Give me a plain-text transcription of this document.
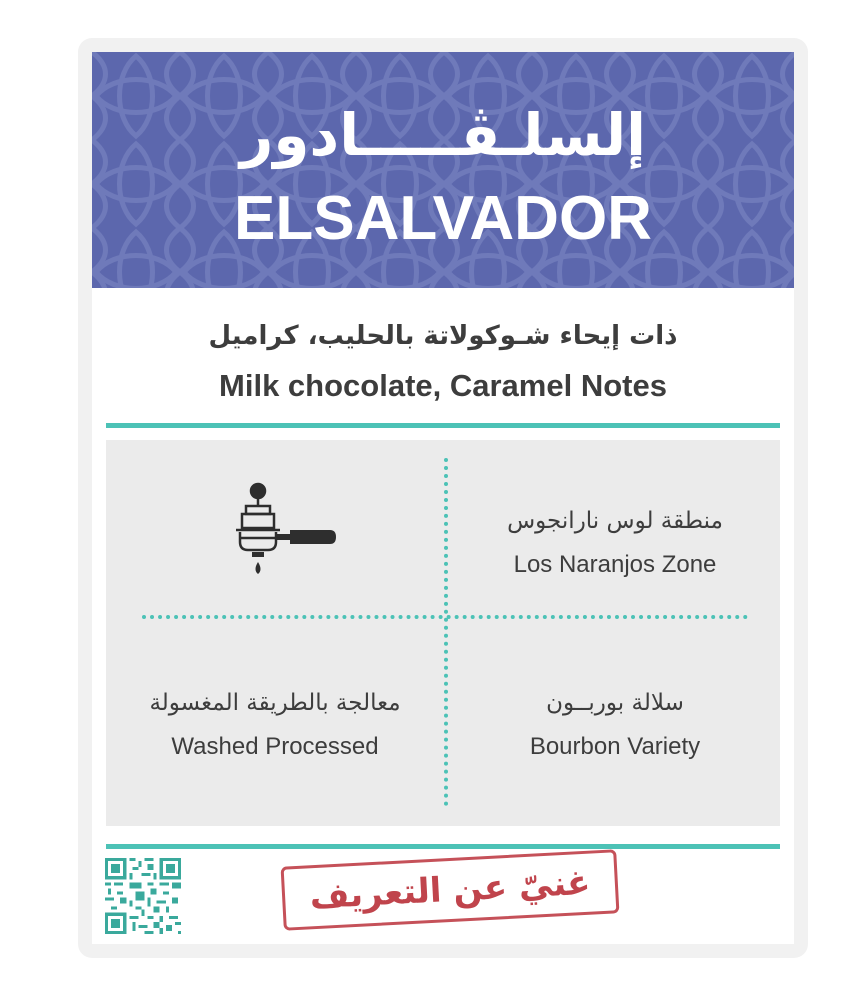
إلسلـڤـــــادور
ELSALVADOR
ذات إيحاء شـوكولاتة بالحليب، كراميل
Milk chocolate, Caramel Notes
منطقة لوس نارانجوس
Los Naranjos Zone
سلالة بوربــون
Bourbon Variety
معالجة بالطريقة المغسولة
Washed Processed
غنيّ عن التعريف
